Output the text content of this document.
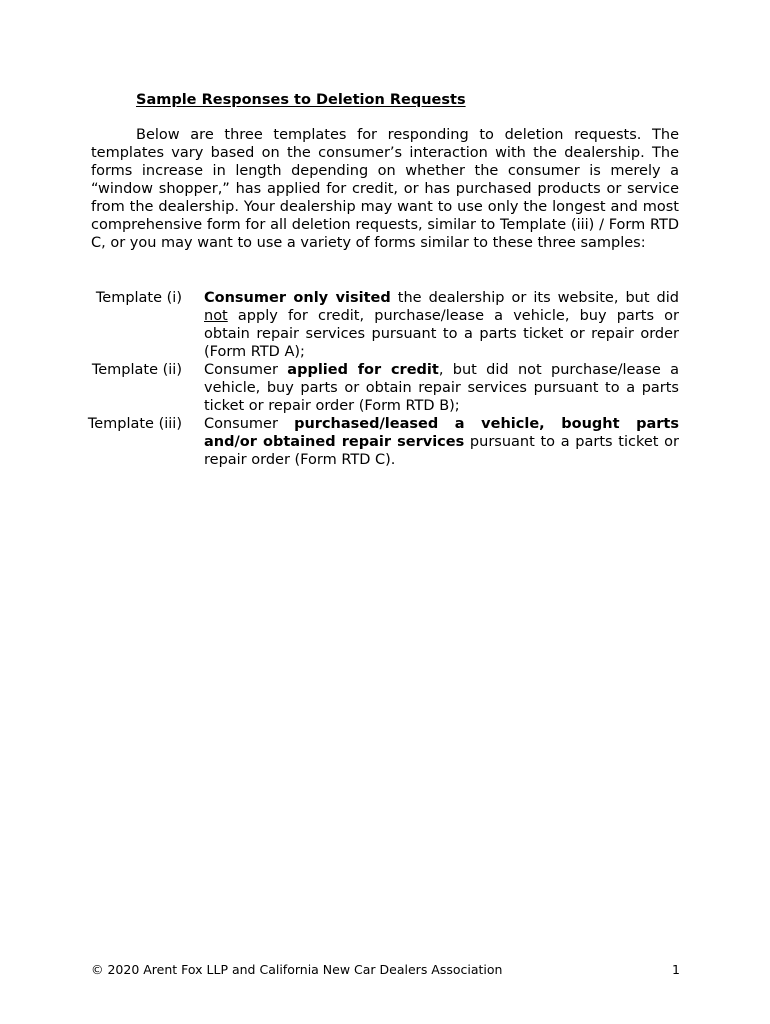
Sample Responses to Deletion Requests

Below are three templates for responding to deletion requests. The templates vary based on the consumer’s interaction with the dealership. The forms increase in length depending on whether the consumer is merely a “window shopper,” has applied for credit, or has purchased products or service from the dealership. Your dealership may want to use only the longest and most comprehensive form for all deletion requests, similar to Template (iii) / Form RTD C, or you may want to use a variety of forms similar to these three samples:

Template (i) Consumer only visited the dealership or its website, but did not apply for credit, purchase/lease a vehicle, buy parts or obtain repair services pursuant to a parts ticket or repair order (Form RTD A);

Template (ii) Consumer applied for credit, but did not purchase/lease a vehicle, buy parts or obtain repair services pursuant to a parts ticket or repair order (Form RTD B);

Template (iii) Consumer purchased/leased a vehicle, bought parts and/or obtained repair services pursuant to a parts ticket or repair order (Form RTD C).

© 2020 Arent Fox LLP and California New Car Dealers Association	1
